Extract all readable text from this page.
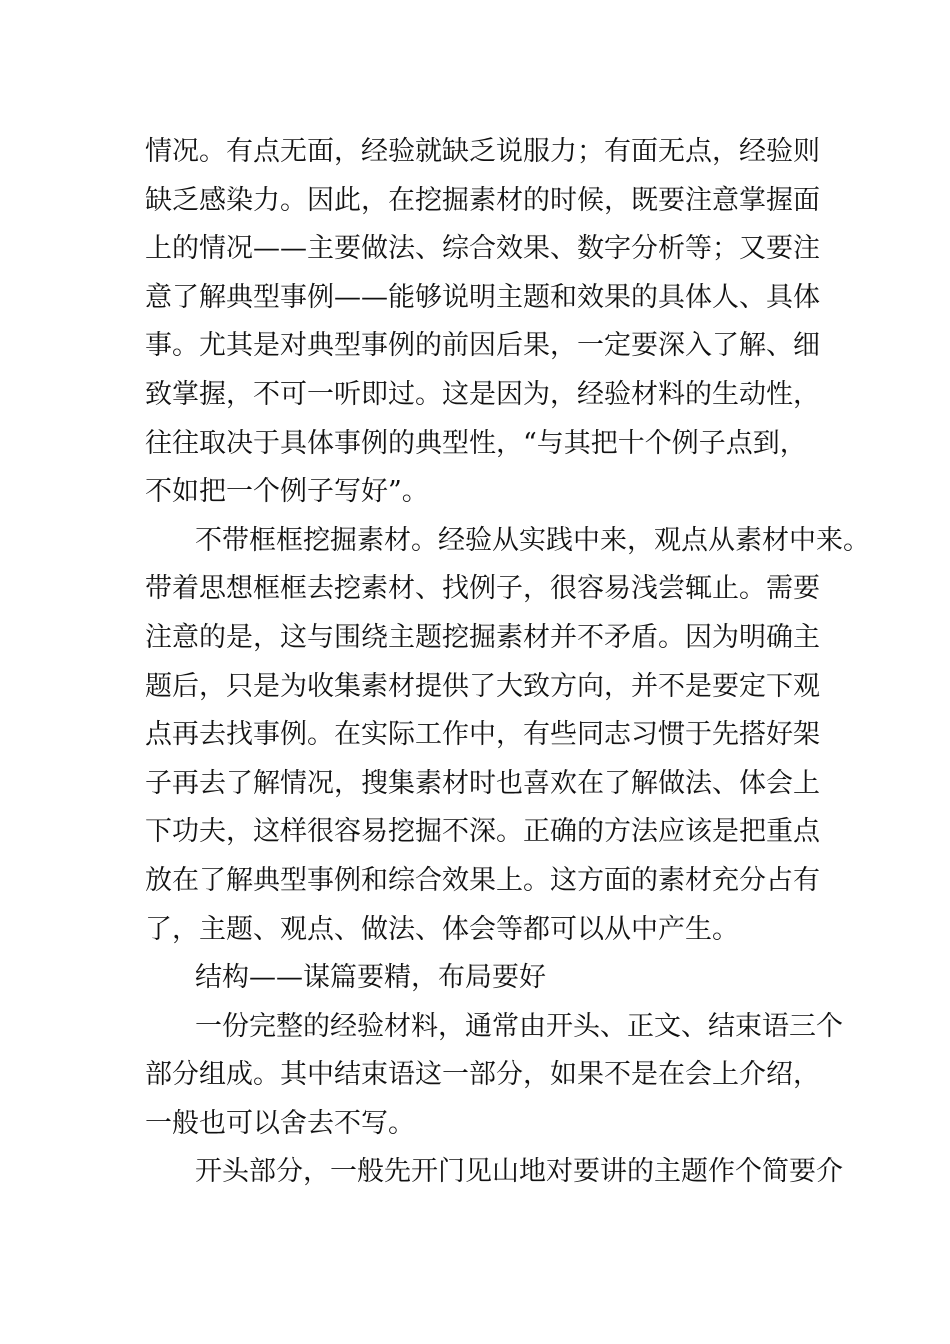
情况。有点无面，经验就缺乏说服力；有面无点，经验则
缺乏感染力。因此，在挖掘素材的时候，既要注意掌握面
上的情况——主要做法、综合效果、数字分析等；又要注
意了解典型事例——能够说明主题和效果的具体人、具体
事。尤其是对典型事例的前因后果，一定要深入了解、细
致掌握，不可一听即过。这是因为，经验材料的生动性，
往往取决于具体事例的典型性，“与其把十个例子点到，
不如把一个例子写好”。
不带框框挖掘素材。经验从实践中来，观点从素材中来。
带着思想框框去挖素材、找例子，很容易浅尝辄止。需要
注意的是，这与围绕主题挖掘素材并不矛盾。因为明确主
题后，只是为收集素材提供了大致方向，并不是要定下观
点再去找事例。在实际工作中，有些同志习惯于先搭好架
子再去了解情况，搜集素材时也喜欢在了解做法、体会上
下功夫，这样很容易挖掘不深。正确的方法应该是把重点
放在了解典型事例和综合效果上。这方面的素材充分占有
了，主题、观点、做法、体会等都可以从中产生。
结构——谋篇要精，布局要好
一份完整的经验材料，通常由开头、正文、结束语三个
部分组成。其中结束语这一部分，如果不是在会上介绍，
一般也可以舍去不写。
开头部分，一般先开门见山地对要讲的主题作个简要介
